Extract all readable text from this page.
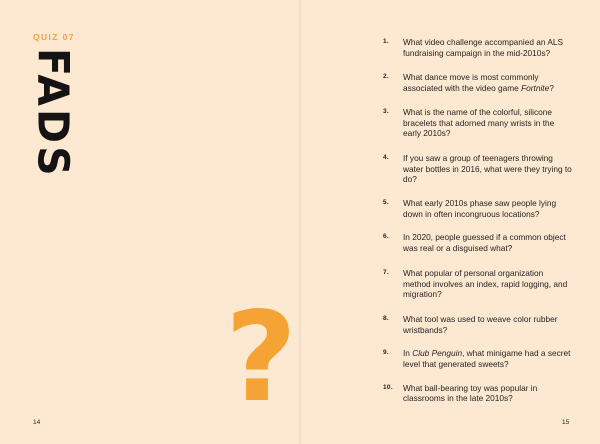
QUIZ 07
FADS
?
14
1. What video challenge accompanied an ALS fundraising campaign in the mid-2010s?
2. What dance move is most commonly associated with the video game Fortnite?
3. What is the name of the colorful, silicone bracelets that adorned many wrists in the early 2010s?
4. If you saw a group of teenagers throwing water bottles in 2016, what were they trying to do?
5. What early 2010s phase saw people lying down in often incongruous locations?
6. In 2020, people guessed if a common object was real or a disguised what?
7. What popular of personal organization method involves an index, rapid logging, and migration?
8. What tool was used to weave color rubber wristbands?
9. In Club Penguin, what minigame had a secret level that generated sweets?
10. What ball-bearing toy was popular in classrooms in the late 2010s?
15
